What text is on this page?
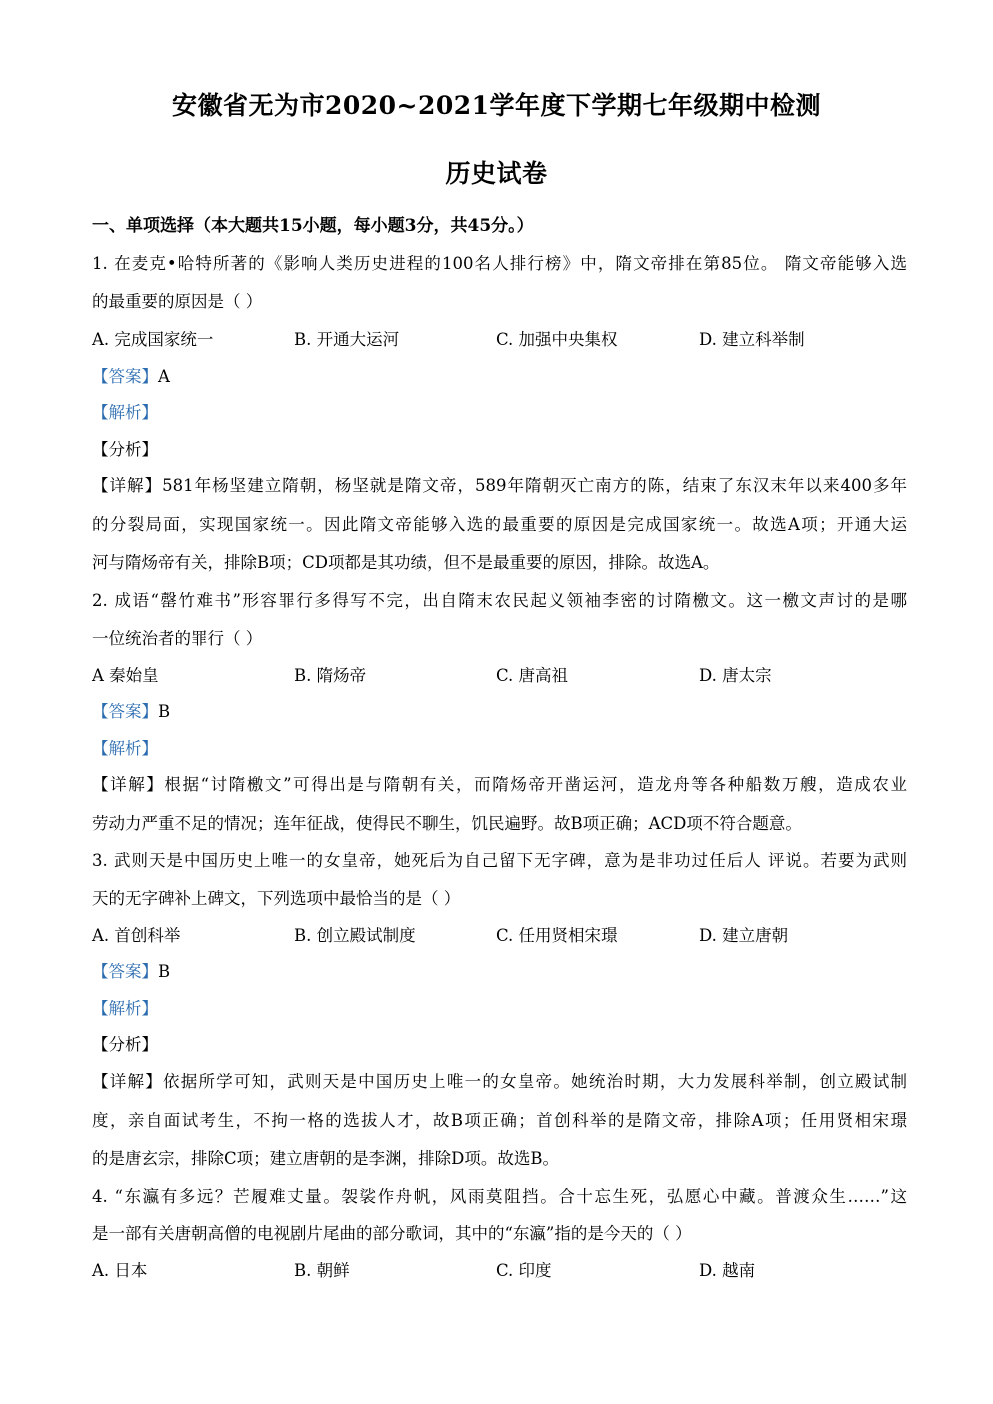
安徽省无为市2020~2021学年度下学期七年级期中检测
历史试卷
一、单项选择（本大题共15小题，每小题3分，共45分。）
1. 在麦克•哈特所著的《影响人类历史进程的100名人排行榜》中，隋文帝排在第85位。 隋文帝能够入选
的最重要的原因是（ ）
A. 完成国家统一	B. 开通大运河	C. 加强中央集权	D. 建立科举制
【答案】A
【解析】
【分析】
【详解】581年杨坚建立隋朝，杨坚就是隋文帝，589年隋朝灭亡南方的陈，结束了东汉末年以来400多年
的分裂局面，实现国家统一。因此隋文帝能够入选的最重要的原因是完成国家统一。故选A项；开通大运
河与隋炀帝有关，排除B项；CD项都是其功绩，但不是最重要的原因，排除。故选A。
2. 成语“罄竹难书”形容罪行多得写不完，出自隋末农民起义领袖李密的讨隋檄文。这一檄文声讨的是哪
一位统治者的罪行（ ）
A 秦始皇	B. 隋炀帝	C. 唐高祖	D. 唐太宗
【答案】B
【解析】
【详解】根据“讨隋檄文”可得出是与隋朝有关，而隋炀帝开凿运河，造龙舟等各种船数万艘，造成农业
劳动力严重不足的情况；连年征战，使得民不聊生，饥民遍野。故B项正确；ACD项不符合题意。
3. 武则天是中国历史上唯一的女皇帝，她死后为自己留下无字碑，意为是非功过任后人 评说。若要为武则
天的无字碑补上碑文，下列选项中最恰当的是（ ）
A. 首创科举	B. 创立殿试制度	C. 任用贤相宋璟	D. 建立唐朝
【答案】B
【解析】
【分析】
【详解】依据所学可知，武则天是中国历史上唯一的女皇帝。她统治时期，大力发展科举制，创立殿试制
度，亲自面试考生，不拘一格的选拔人才，故B项正确；首创科举的是隋文帝，排除A项；任用贤相宋璟
的是唐玄宗，排除C项；建立唐朝的是李渊，排除D项。故选B。
4. “东瀛有多远？芒履难丈量。袈裟作舟帆，风雨莫阻挡。合十忘生死，弘愿心中藏。普渡众生……”这
是一部有关唐朝高僧的电视剧片尾曲的部分歌词，其中的“东瀛”指的是今天的（ ）
A. 日本	B. 朝鲜	C. 印度	D. 越南
